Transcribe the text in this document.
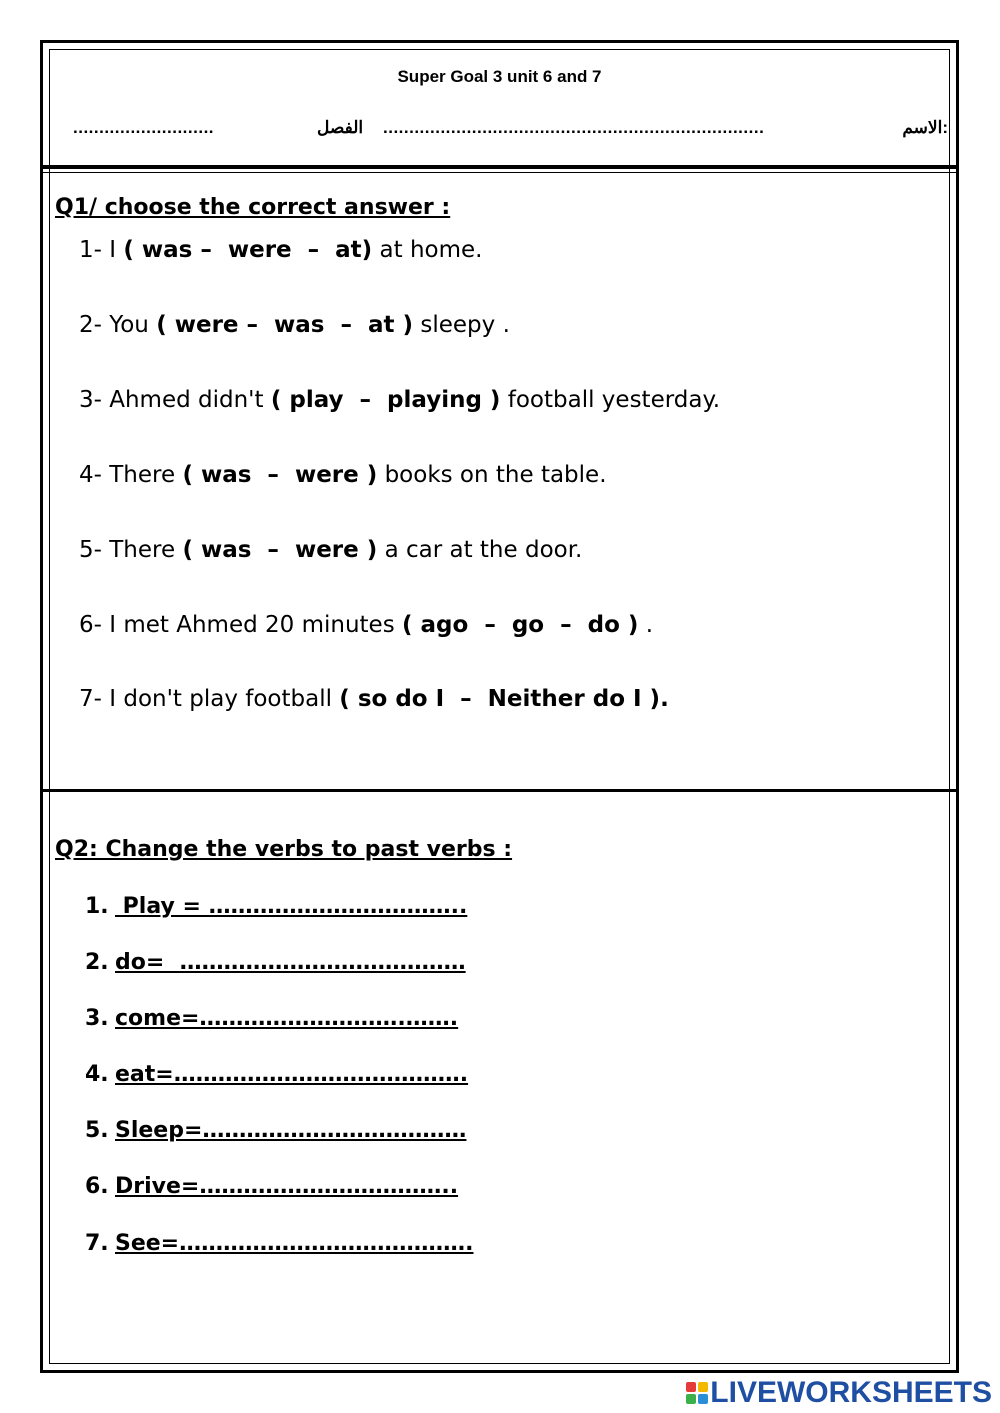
Super Goal 3 unit 6 and 7
...........................	الفصل .........................................................................	الاسم:
Q1/ choose the correct answer :
1- I ( was –  were  –  at) at home.
2- You ( were –  was  –  at ) sleepy .
3- Ahmed didn't ( play  –  playing ) football yesterday.
4- There ( was  –  were ) books on the table.
5- There ( was  –  were ) a car at the door.
6- I met Ahmed 20 minutes ( ago  –  go  –  do ) .
7- I don't play football ( so do I  –  Neither do I ).
Q2: Change the verbs to past verbs :
1. Play = ……………………………..
2. do=  …………………………………
3. come=……………………….…….
4. eat=………………………………….
5. Sleep=………………………………
6. Drive=……………………………..
7. See=………………………………….
LIVEWORKSHEETS
